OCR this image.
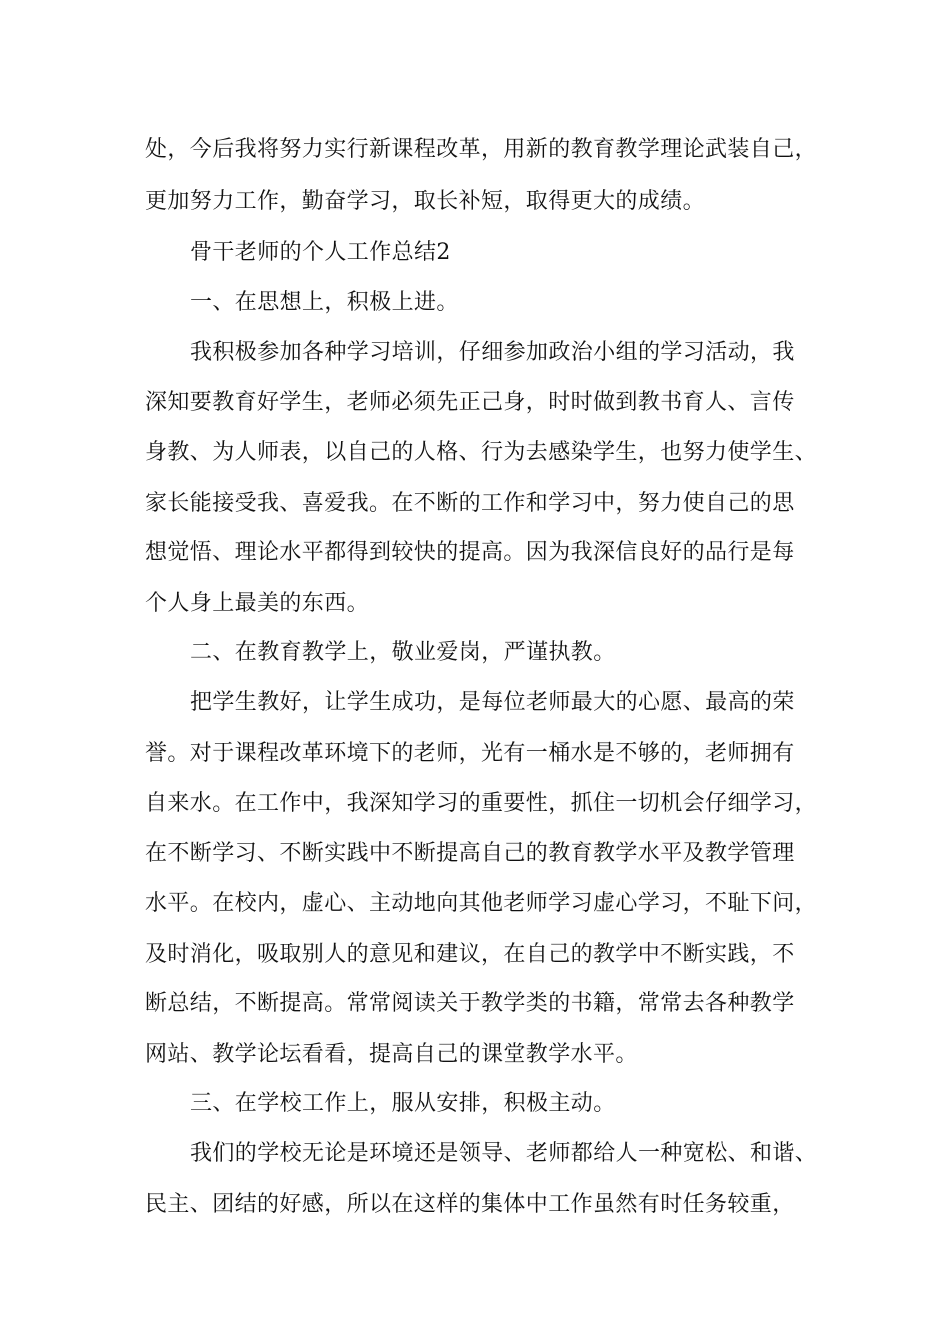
处，今后我将努力实行新课程改革，用新的教育教学理论武装自己，
更加努力工作，勤奋学习，取长补短，取得更大的成绩。
骨干老师的个人工作总结2
一、在思想上，积极上进。
我积极参加各种学习培训，仔细参加政治小组的学习活动，我
深知要教育好学生，老师必须先正己身，时时做到教书育人、言传
身教、为人师表，以自己的人格、行为去感染学生，也努力使学生、
家长能接受我、喜爱我。在不断的工作和学习中，努力使自己的思
想觉悟、理论水平都得到较快的提高。因为我深信良好的品行是每
个人身上最美的东西。
二、在教育教学上，敬业爱岗，严谨执教。
把学生教好，让学生成功，是每位老师最大的心愿、最高的荣
誉。对于课程改革环境下的老师，光有一桶水是不够的，老师拥有
自来水。在工作中，我深知学习的重要性，抓住一切机会仔细学习，
在不断学习、不断实践中不断提高自己的教育教学水平及教学管理
水平。在校内，虚心、主动地向其他老师学习虚心学习，不耻下问，
及时消化，吸取别人的意见和建议，在自己的教学中不断实践，不
断总结，不断提高。常常阅读关于教学类的书籍，常常去各种教学
网站、教学论坛看看，提高自己的课堂教学水平。
三、在学校工作上，服从安排，积极主动。
我们的学校无论是环境还是领导、老师都给人一种宽松、和谐、
民主、团结的好感，所以在这样的集体中工作虽然有时任务较重，
